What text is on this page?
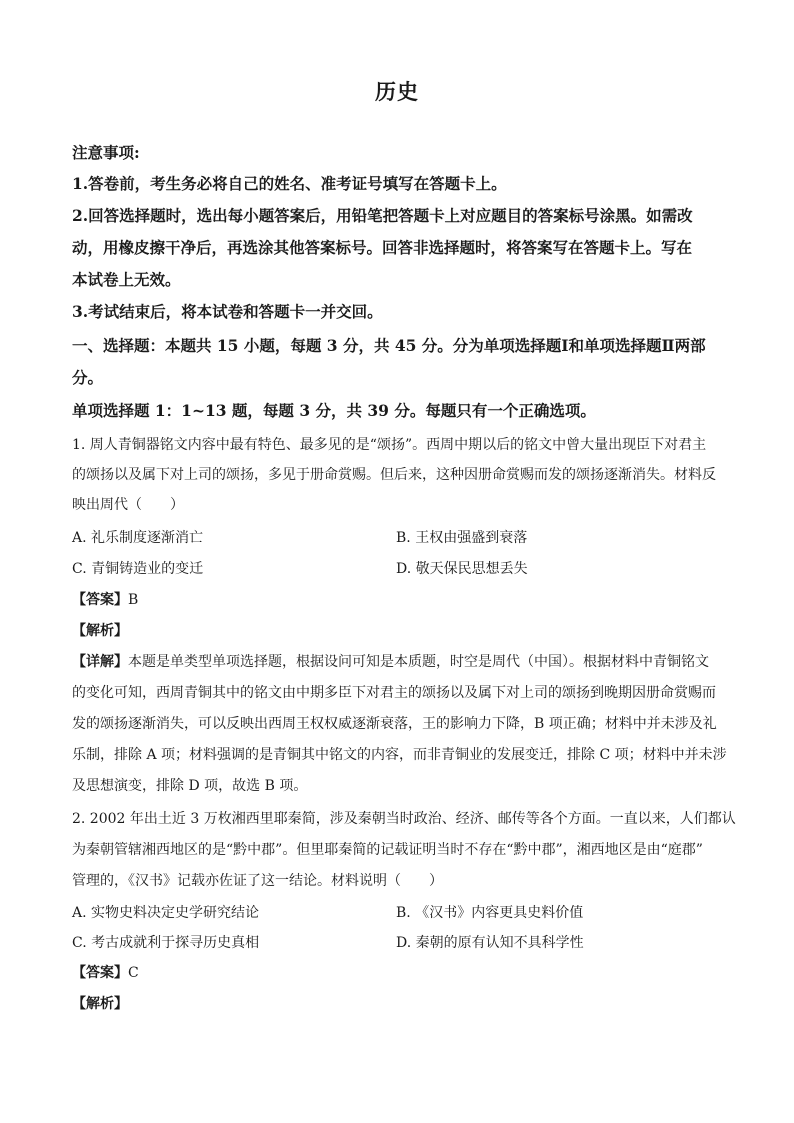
历史
注意事项:
1.答卷前，考生务必将自己的姓名、准考证号填写在答题卡上。
2.回答选择题时，选出每小题答案后，用铅笔把答题卡上对应题目的答案标号涂黑。如需改
动，用橡皮擦干净后，再选涂其他答案标号。回答非选择题时，将答案写在答题卡上。写在
本试卷上无效。
3.考试结束后，将本试卷和答题卡一并交回。
一、选择题：本题共 15 小题，每题 3 分，共 45 分。分为单项选择题Ⅰ和单项选择题Ⅱ两部
分。
单项选择题 1：1~13 题，每题 3 分，共 39 分。每题只有一个正确选项。
1. 周人青铜器铭文内容中最有特色、最多见的是“颂扬”。西周中期以后的铭文中曾大量出现臣下对君主
的颂扬以及属下对上司的颂扬，多见于册命赏赐。但后来，这种因册命赏赐而发的颂扬逐渐消失。材料反
映出周代（　　）
A. 礼乐制度逐渐消亡	B. 王权由强盛到衰落
C. 青铜铸造业的变迁	D. 敬天保民思想丢失
【答案】B
【解析】
【详解】本题是单类型单项选择题，根据设问可知是本质题，时空是周代（中国）。根据材料中青铜铭文
的变化可知，西周青铜其中的铭文由中期多臣下对君主的颂扬以及属下对上司的颂扬到晚期因册命赏赐而
发的颂扬逐渐消失，可以反映出西周王权权威逐渐衰落，王的影响力下降，B 项正确；材料中并未涉及礼
乐制，排除 A 项；材料强调的是青铜其中铭文的内容，而非青铜业的发展变迁，排除 C 项；材料中并未涉
及思想演变，排除 D 项，故选 B 项。
2. 2002 年出土近 3 万枚湘西里耶秦简，涉及秦朝当时政治、经济、邮传等各个方面。一直以来，人们都认
为秦朝管辖湘西地区的是“黔中郡”。但里耶秦简的记载证明当时不存在“黔中郡”，湘西地区是由“庭郡”
管理的，《汉书》记载亦佐证了这一结论。材料说明（　　）
A. 实物史料决定史学研究结论	B. 《汉书》内容更具史料价值
C. 考古成就利于探寻历史真相	D. 秦朝的原有认知不具科学性
【答案】C
【解析】
